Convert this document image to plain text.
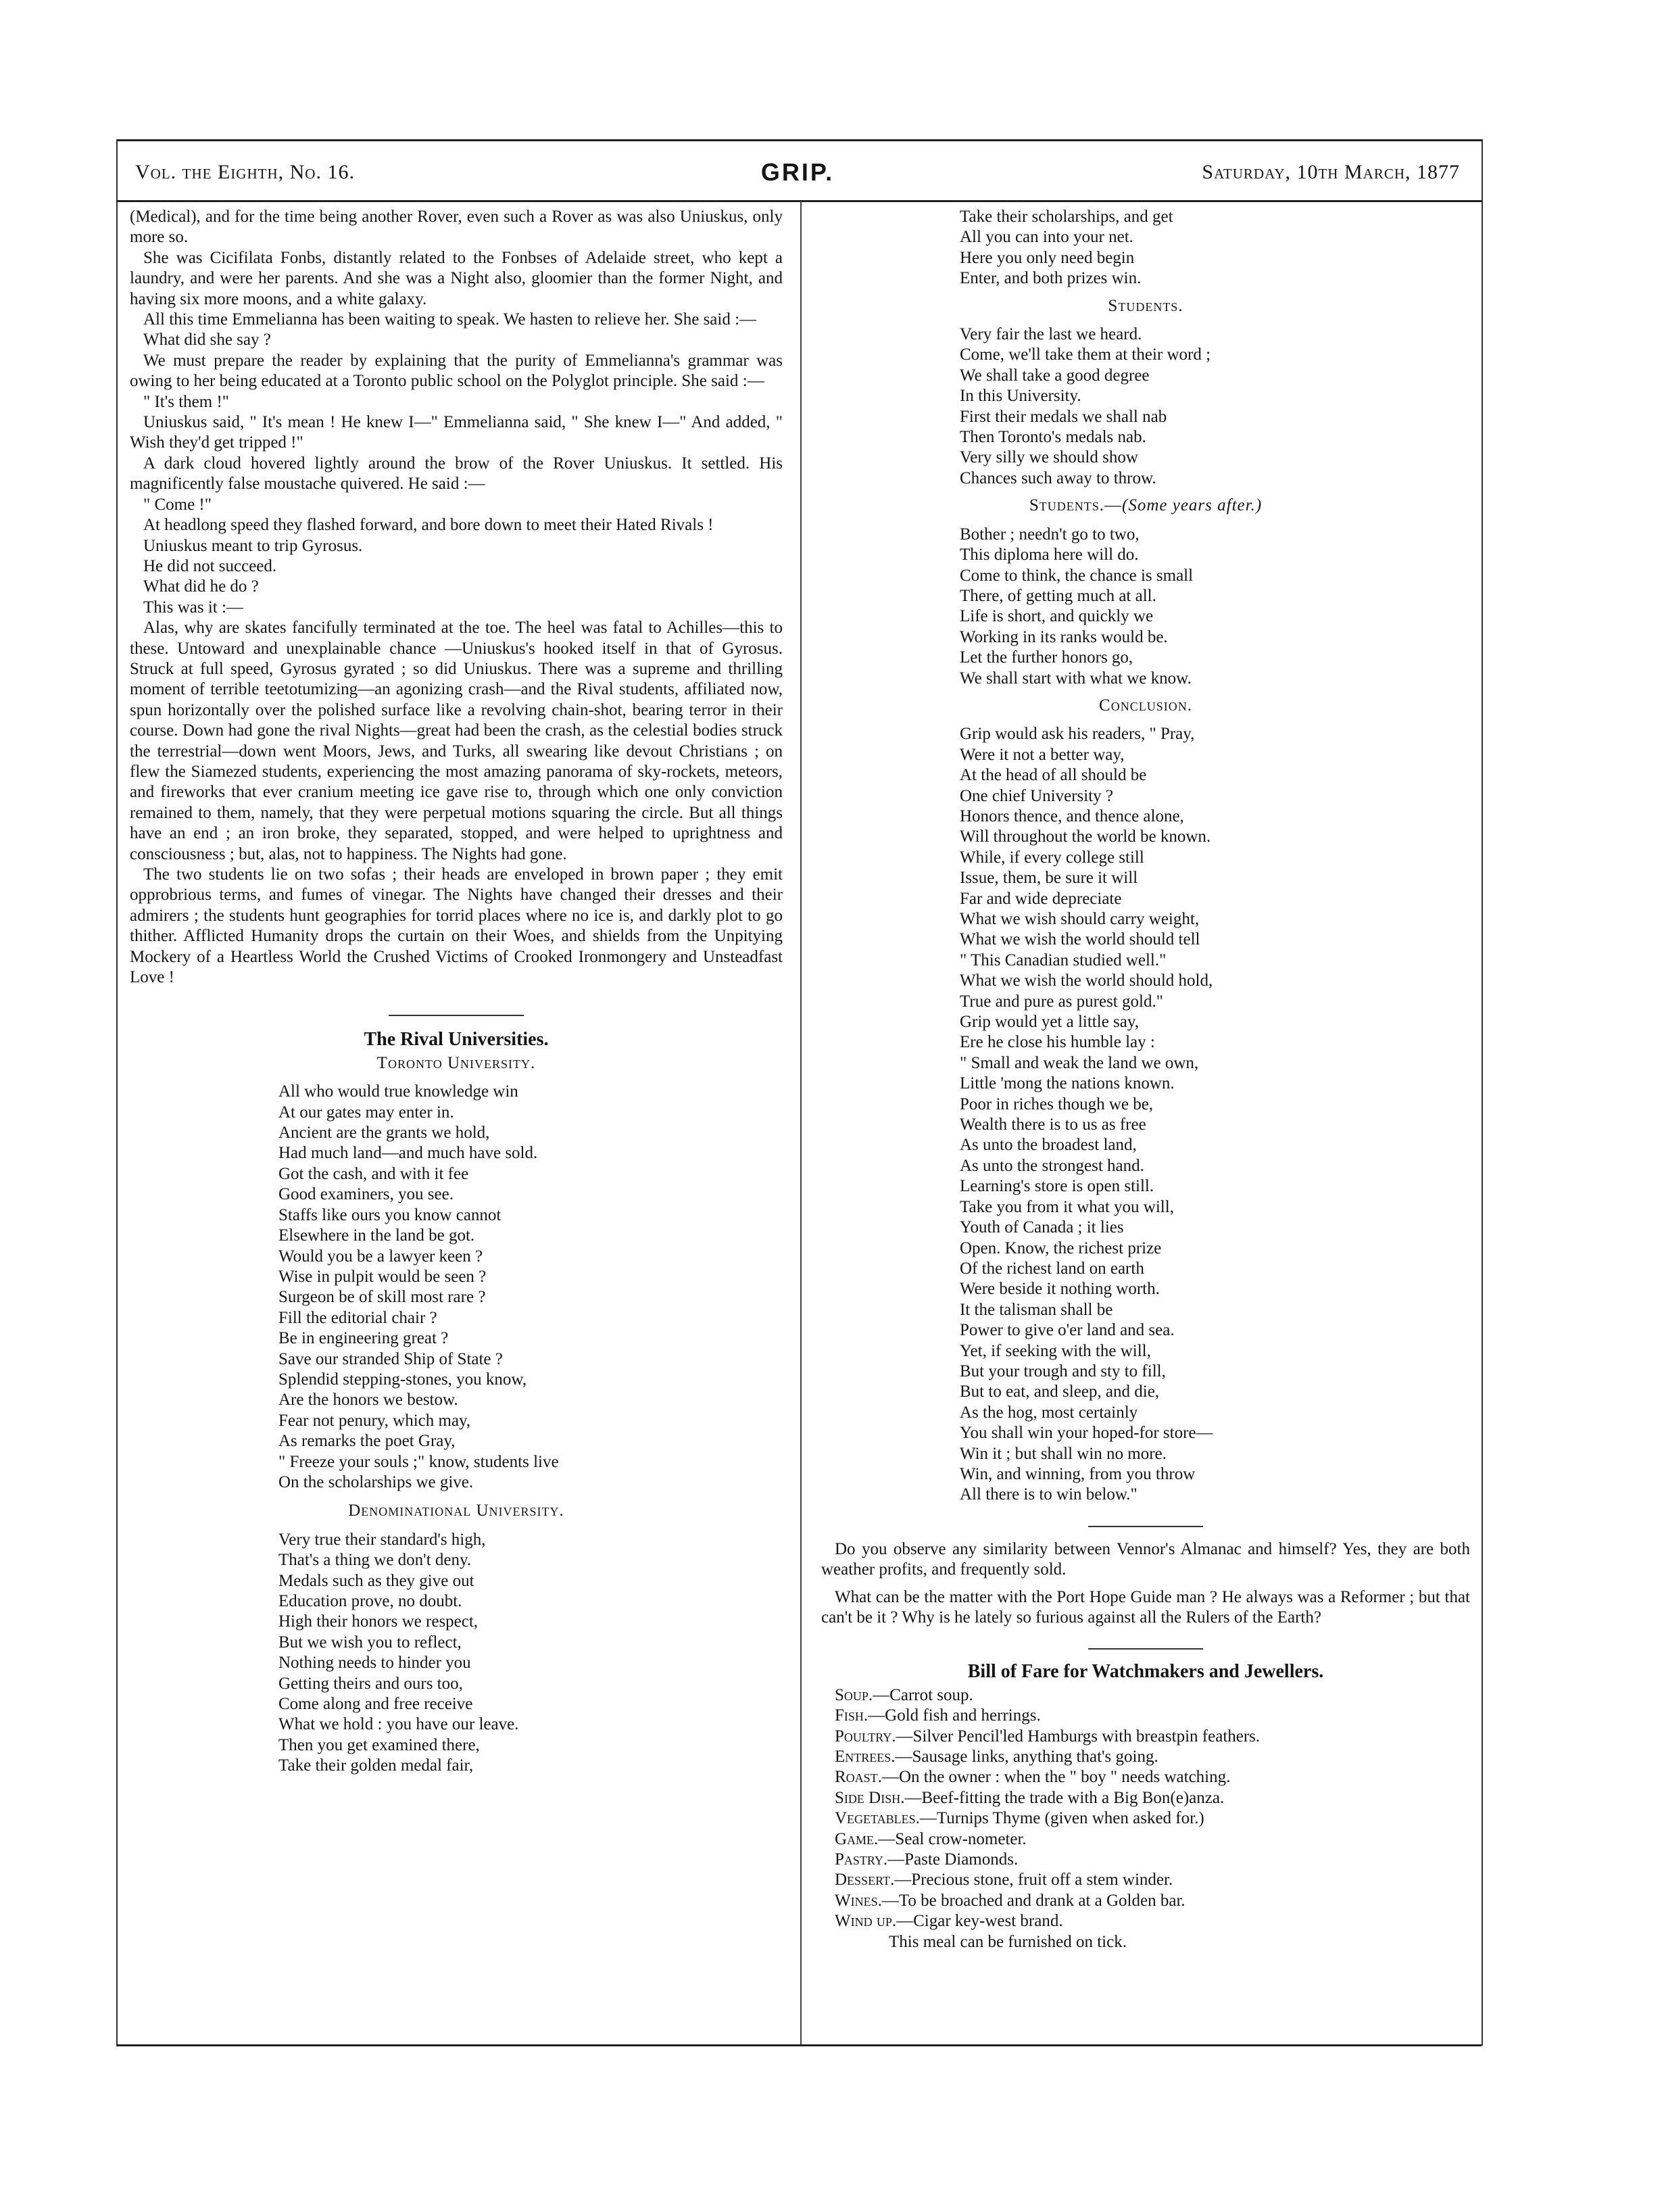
Vol. the Eighth, No. 16.	GRIP.	Saturday, 10th March, 1877

(Medical), and for the time being another Rover, even such a Rover as was also Uniuskus, only more so.

She was Cicifilata Fonbs, distantly related to the Fonbses of Adelaide street, who kept a laundry, and were her parents. And she was a Night also, gloomier than the former Night, and having six more moons, and a white galaxy.

All this time Emmelianna has been waiting to speak. We hasten to relieve her. She said :—

What did she say ?

We must prepare the reader by explaining that the purity of Emmelianna's grammar was owing to her being educated at a Toronto public school on the Polyglot principle. She said :—

" It's them !"

Uniuskus said, " It's mean ! He knew I—" Emmelianna said, " She knew I—" And added, " Wish they'd get tripped !"

A dark cloud hovered lightly around the brow of the Rover Uniuskus. It settled. His magnificently false moustache quivered. He said :—

" Come !"

At headlong speed they flashed forward, and bore down to meet their Hated Rivals !

Uniuskus meant to trip Gyrosus.

He did not succeed.

What did he do ?

This was it :—

Alas, why are skates fancifully terminated at the toe. The heel was fatal to Achilles—this to these. Untoward and unexplainable chance —Uniuskus's hooked itself in that of Gyrosus. Struck at full speed, Gyrosus gyrated ; so did Uniuskus. There was a supreme and thrilling moment of terrible teetotumizing—an agonizing crash—and the Rival students, affiliated now, spun horizontally over the polished surface like a revolving chain-shot, bearing terror in their course. Down had gone the rival Nights—great had been the crash, as the celestial bodies struck the terrestrial—down went Moors, Jews, and Turks, all swearing like devout Christians ; on flew the Siamezed students, experiencing the most amazing panorama of sky-rockets, meteors, and fireworks that ever cranium meeting ice gave rise to, through which one only conviction remained to them, namely, that they were perpetual motions squaring the circle. But all things have an end ; an iron broke, they separated, stopped, and were helped to uprightness and consciousness ; but, alas, not to happiness. The Nights had gone.

The two students lie on two sofas ; their heads are enveloped in brown paper ; they emit opprobrious terms, and fumes of vinegar. The Nights have changed their dresses and their admirers ; the students hunt geographies for torrid places where no ice is, and darkly plot to go thither. Afflicted Humanity drops the curtain on their Woes, and shields from the Unpitying Mockery of a Heartless World the Crushed Victims of Crooked Ironmongery and Unsteadfast Love !

The Rival Universities.
Toronto University.
All who would true knowledge win
At our gates may enter in.
Ancient are the grants we hold,
Had much land—and much have sold.
Got the cash, and with it fee
Good examiners, you see.
Staffs like ours you know cannot
Elsewhere in the land be got.
Would you be a lawyer keen ?
Wise in pulpit would be seen ?
Surgeon be of skill most rare ?
Fill the editorial chair ?
Be in engineering great ?
Save our stranded Ship of State ?
Splendid stepping-stones, you know,
Are the honors we bestow.
Fear not penury, which may,
As remarks the poet Gray,
" Freeze your souls ;" know, students live
On the scholarships we give.
Denominational University.
Very true their standard's high,
That's a thing we don't deny.
Medals such as they give out
Education prove, no doubt.
High their honors we respect,
But we wish you to reflect,
Nothing needs to hinder you
Getting theirs and ours too,
Come along and free receive
What we hold : you have our leave.
Then you get examined there,
Take their golden medal fair,
Take their scholarships, and get
All you can into your net.
Here you only need begin
Enter, and both prizes win.
Students.
Very fair the last we heard.
Come, we'll take them at their word ;
We shall take a good degree
In this University.
First their medals we shall nab
Then Toronto's medals nab.
Very silly we should show
Chances such away to throw.
Students.—(Some years after.)
Bother ; needn't go to two,
This diploma here will do.
Come to think, the chance is small
There, of getting much at all.
Life is short, and quickly we
Working in its ranks would be.
Let the further honors go,
We shall start with what we know.
Conclusion.
Grip would ask his readers, " Pray,
Were it not a better way,
At the head of all should be
One chief University ?
Honors thence, and thence alone,
Will throughout the world be known.
While, if every college still
Issue, them, be sure it will
Far and wide depreciate
What we wish should carry weight,
What we wish the world should tell
" This Canadian studied well."
What we wish the world should hold,
True and pure as purest gold."
Grip would yet a little say,
Ere he close his humble lay :
" Small and weak the land we own,
Little 'mong the nations known.
Poor in riches though we be,
Wealth there is to us as free
As unto the broadest land,
As unto the strongest hand.
Learning's store is open still.
Take you from it what you will,
Youth of Canada ; it lies
Open. Know, the richest prize
Of the richest land on earth
Were beside it nothing worth.
It the talisman shall be
Power to give o'er land and sea.
Yet, if seeking with the will,
But your trough and sty to fill,
But to eat, and sleep, and die,
As the hog, most certainly
You shall win your hoped-for store—
Win it ; but shall win no more.
Win, and winning, from you throw
All there is to win below."

Do you observe any similarity between Vennor's Almanac and himself? Yes, they are both weather profits, and frequently sold.

What can be the matter with the Port Hope Guide man ? He always was a Reformer ; but that can't be it ? Why is he lately so furious against all the Rulers of the Earth?

Bill of Fare for Watchmakers and Jewellers.
Soup.—Carrot soup.
Fish.—Gold fish and herrings.
Poultry.—Silver Pencil'led Hamburgs with breastpin feathers.
Entrees.—Sausage links, anything that's going.
Roast.—On the owner : when the " boy " needs watching.
Side Dish.—Beef-fitting the trade with a Big Bon(e)anza.
Vegetables.—Turnips Thyme (given when asked for.)
Game.—Seal crow-nometer.
Pastry.—Paste Diamonds.
Dessert.—Precious stone, fruit off a stem winder.
Wines.—To be broached and drank at a Golden bar.
Wind up.—Cigar key-west brand.
This meal can be furnished on tick.
